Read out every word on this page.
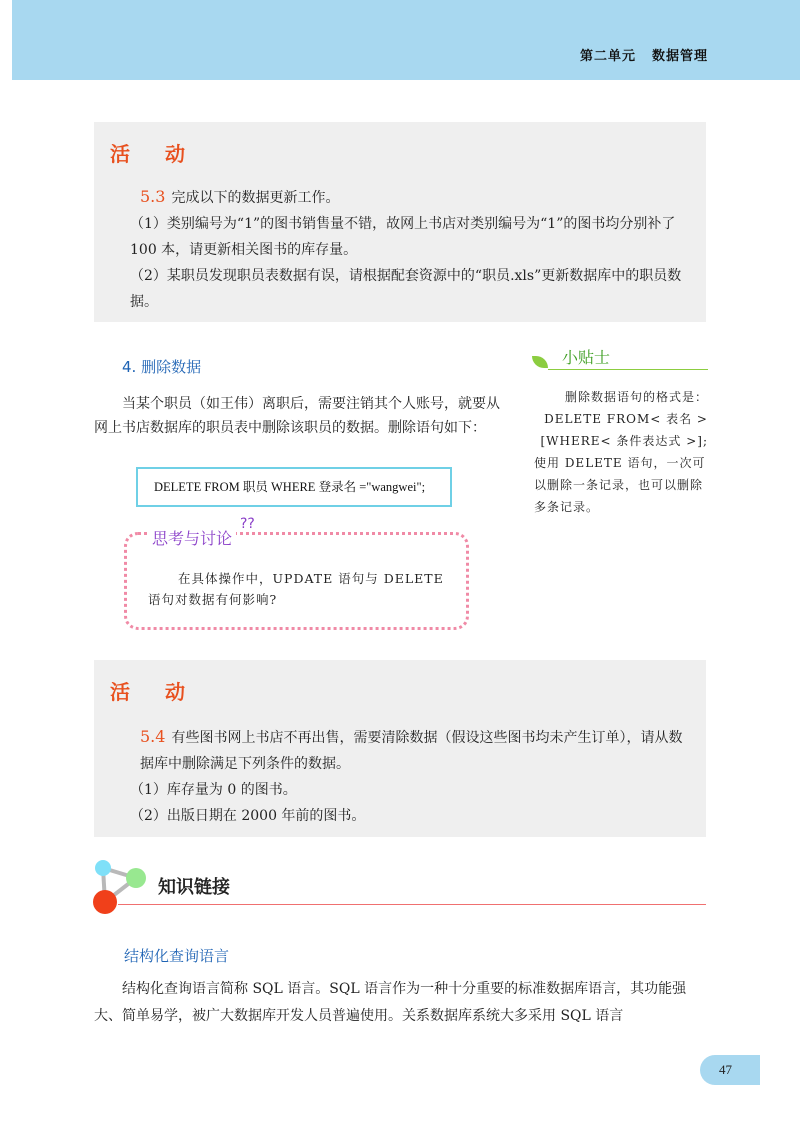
第二单元 数据管理
活 动

5.3 完成以下的数据更新工作。

（1）类别编号为“1”的图书销售量不错，故网上书店对类别编号为“1”的图书均分别补了 100 本，请更新相关图书的库存量。

（2）某职员发现职员表数据有误，请根据配套资源中的“职员.xls”更新数据库中的职员数据。

4. 删除数据

当某个职员（如王伟）离职后，需要注销其个人账号，就要从网上书店数据库的职员表中删除该职员的数据。删除语句如下：

DELETE FROM 职员 WHERE 登录名 ="wangwei";
小贴士

删除数据语句的格式是：

DELETE FROM< 表名 >

[WHERE< 条件表达式 >];

使用 DELETE 语句，一次可以删除一条记录，也可以删除多条记录。

思考与讨论
??

在具体操作中，UPDATE 语句与 DELETE 语句对数据有何影响?

活 动

5.4 有些图书网上书店不再出售，需要清除数据（假设这些图书均未产生订单），请从数据库中删除满足下列条件的数据。

（1）库存量为 0 的图书。

（2）出版日期在 2000 年前的图书。

知识链接
结构化查询语言

结构化查询语言简称 SQL 语言。SQL 语言作为一种十分重要的标准数据库语言，其功能强大、简单易学，被广大数据库开发人员普遍使用。关系数据库系统大多采用 SQL 语言

47
